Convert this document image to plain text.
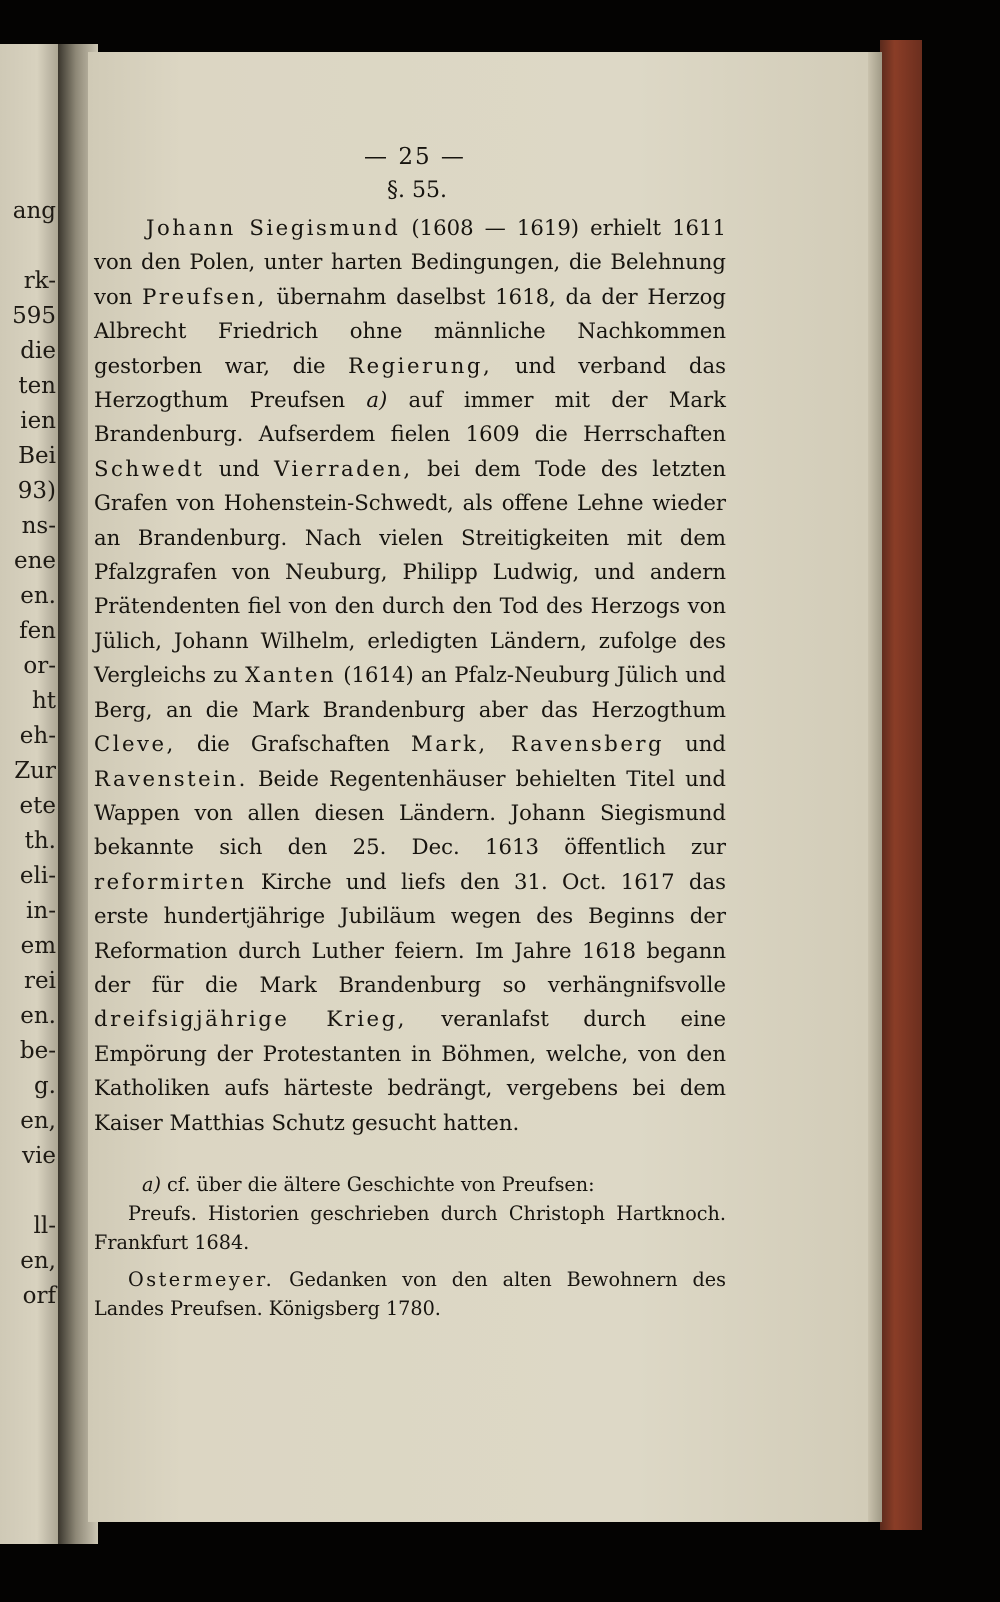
ang

rk-
595
die
ten
ien
Bei
93)
ns-
ene
en.
fen
or-
ht
eh-
Zur
ete
th.
eli-
in-
em
rei
en.
be-
g.
en,
vie

ll-
en,
orf
— 25 —
§. 55.

Johann Siegismund (1608 — 1619) erhielt 1611 von den Polen, unter harten Bedingungen, die Belehnung von Preufsen, übernahm daselbst 1618, da der Herzog Albrecht Friedrich ohne männliche Nachkommen gestorben war, die Regierung, und verband das Herzogthum Preufsen a) auf immer mit der Mark Brandenburg. Aufserdem fielen 1609 die Herrschaften Schwedt und Vierraden, bei dem Tode des letzten Grafen von Hohenstein-Schwedt, als offene Lehne wieder an Brandenburg. Nach vielen Streitigkeiten mit dem Pfalzgrafen von Neuburg, Philipp Ludwig, und andern Prätendenten fiel von den durch den Tod des Herzogs von Jülich, Johann Wilhelm, erledigten Ländern, zufolge des Vergleichs zu Xanten (1614) an Pfalz-Neuburg Jülich und Berg, an die Mark Brandenburg aber das Herzogthum Cleve, die Grafschaften Mark, Ravensberg und Ravenstein. Beide Regentenhäuser behielten Titel und Wappen von allen diesen Ländern. Johann Siegismund bekannte sich den 25. Dec. 1613 öffentlich zur reformirten Kirche und liefs den 31. Oct. 1617 das erste hundertjährige Jubiläum wegen des Beginns der Reformation durch Luther feiern. Im Jahre 1618 begann der für die Mark Brandenburg so verhängnifsvolle dreifsigjährige Krieg, veranlafst durch eine Empörung der Protestanten in Böhmen, welche, von den Katholiken aufs härteste bedrängt, vergebens bei dem Kaiser Matthias Schutz gesucht hatten.

a) cf. über die ältere Geschichte von Preufsen:

Preufs. Historien geschrieben durch Christoph Hartknoch. Frankfurt 1684.

Ostermeyer. Gedanken von den alten Bewohnern des Landes Preufsen. Königsberg 1780.
